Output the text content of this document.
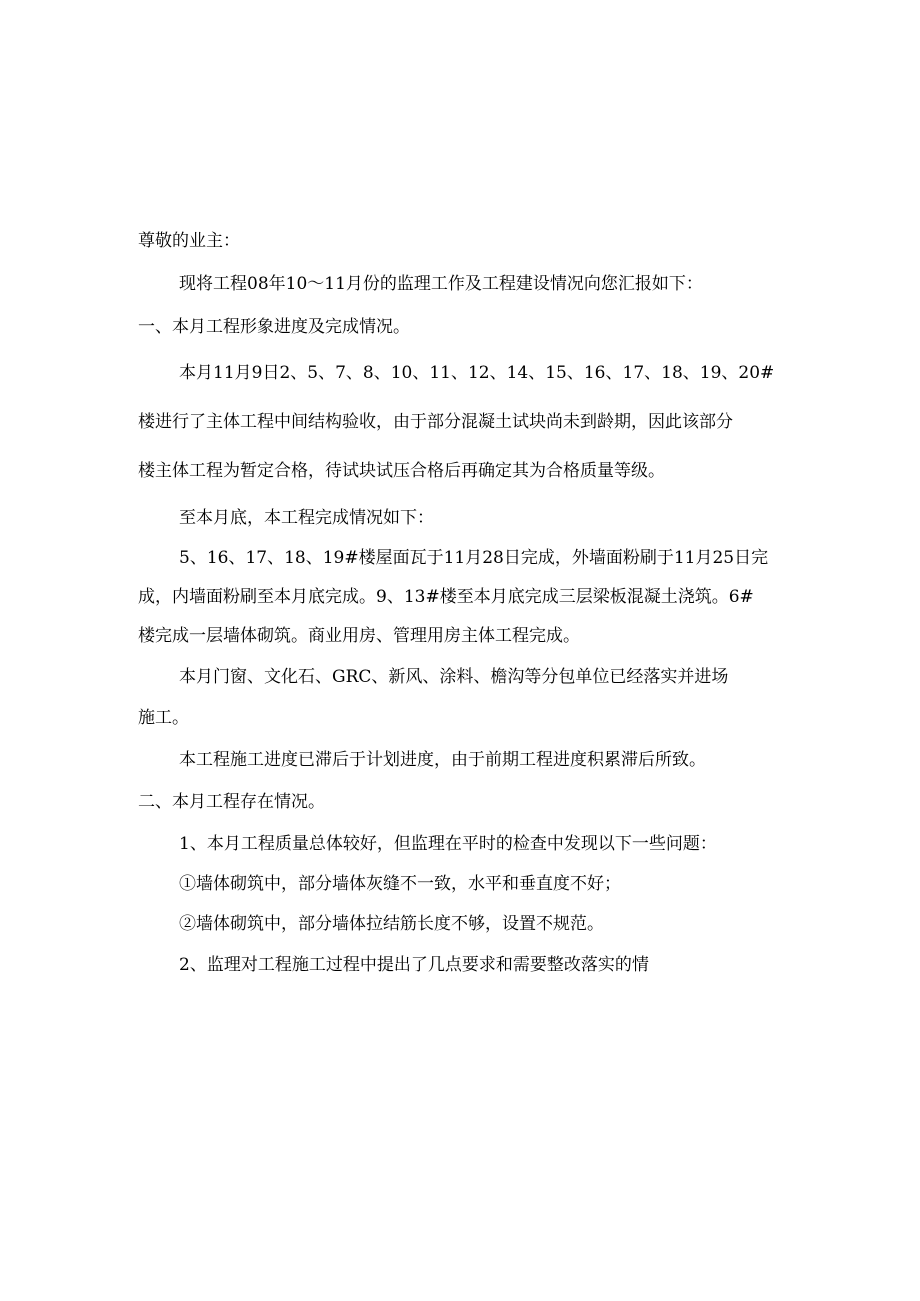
尊敬的业主：
现将工程08年10～11月份的监理工作及工程建设情况向您汇报如下：
一、本月工程形象进度及完成情况。
本月11月9日2、5、7、8、10、11、12、14、15、16、17、18、19、20#
楼进行了主体工程中间结构验收，由于部分混凝土试块尚未到龄期，因此该部分
楼主体工程为暂定合格，待试块试压合格后再确定其为合格质量等级。
至本月底，本工程完成情况如下：
5、16、17、18、19#楼屋面瓦于11月28日完成，外墙面粉刷于11月25日完
成，内墙面粉刷至本月底完成。9、13#楼至本月底完成三层梁板混凝土浇筑。6#
楼完成一层墙体砌筑。商业用房、管理用房主体工程完成。
本月门窗、文化石、GRC、新风、涂料、檐沟等分包单位已经落实并进场
施工。
本工程施工进度已滞后于计划进度，由于前期工程进度积累滞后所致。
二、本月工程存在情况。
1、本月工程质量总体较好，但监理在平时的检查中发现以下一些问题：
①墙体砌筑中，部分墙体灰缝不一致，水平和垂直度不好；
②墙体砌筑中，部分墙体拉结筋长度不够，设置不规范。
2、监理对工程施工过程中提出了几点要求和需要整改落实的情
